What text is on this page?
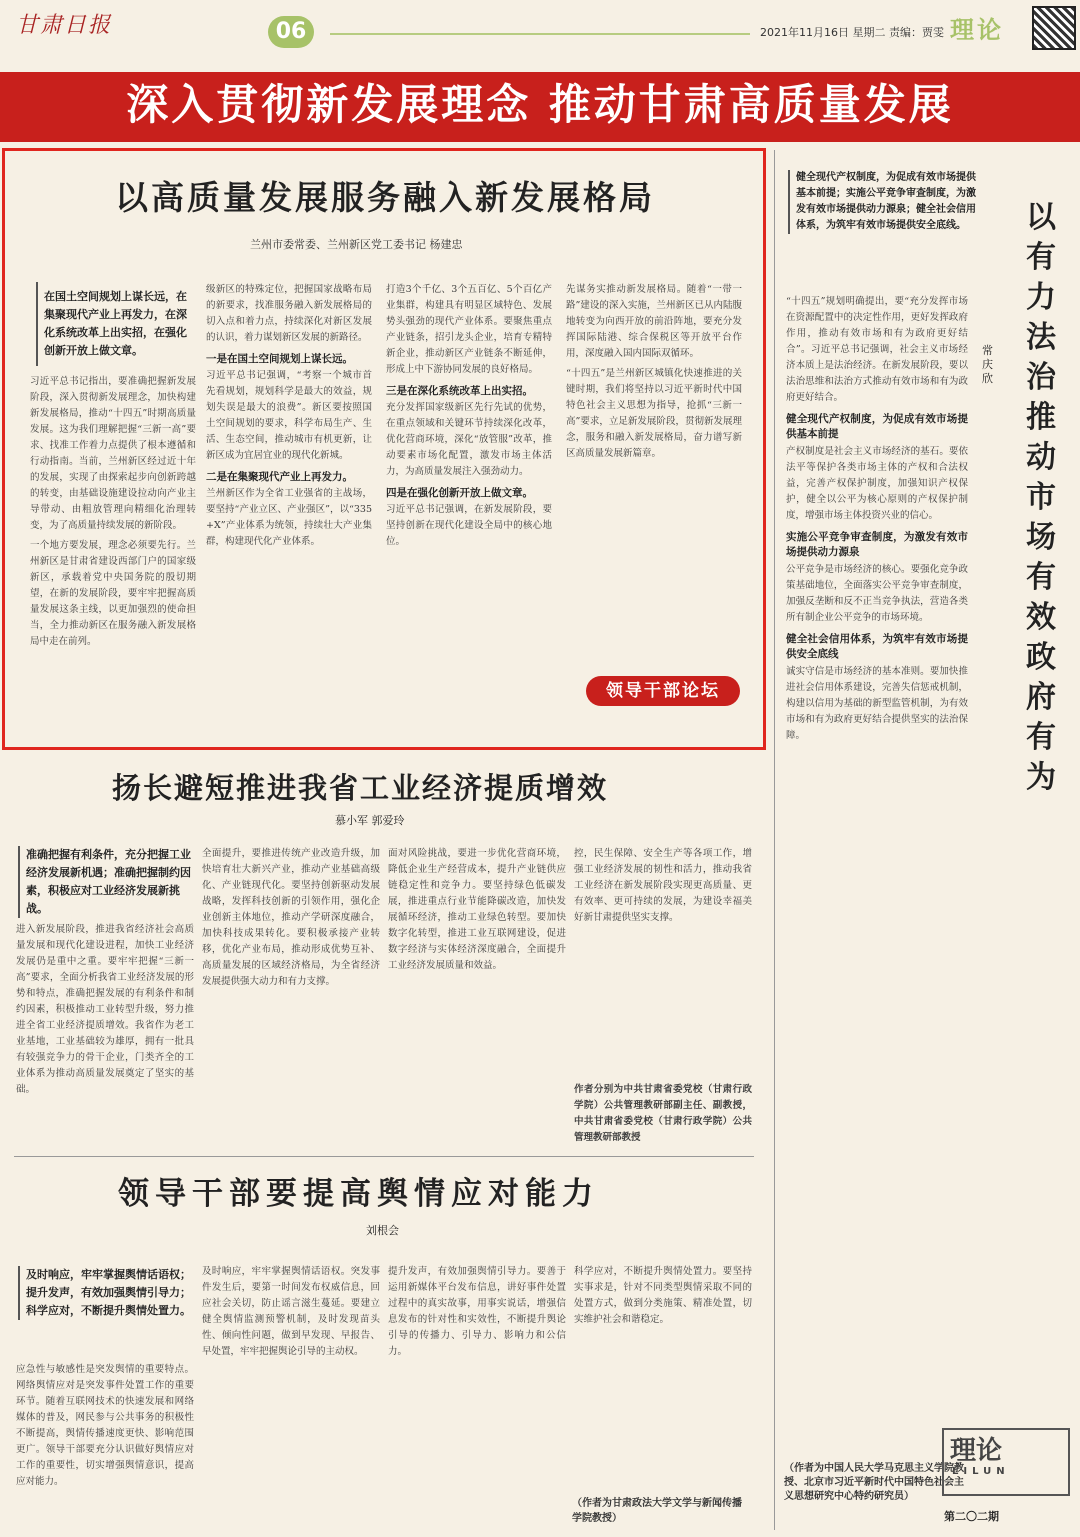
甘肃日报	06	2021年11月16日 星期二 责编：贾雯 理论
深入贯彻新发展理念 推动甘肃高质量发展
以高质量发展服务融入新发展格局
兰州市委常委、兰州新区党工委书记 杨建忠
在国土空间规划上谋长远，在集聚现代产业上再发力，在深化系统改革上出实招，在强化创新开放上做文章。

习近平总书记指出，要准确把握新发展阶段，深入贯彻新发展理念，加快构建新发展格局，推动“十四五”时期高质量发展。这为我们理解把握“三新一高”要求、找准工作着力点提供了根本遵循和行动指南。当前，兰州新区经过近十年的发展，实现了由探索起步向创新跨越的转变，由基础设施建设拉动向产业主导带动、由粗放管理向精细化治理转变，为了高质量持续发展的新阶段。

一个地方要发展，理念必须要先行。兰州新区是甘肃省建设西部门户的国家级新区，承载着党中央国务院的殷切期望，在新的发展阶段，要牢牢把握高质量发展这条主线，以更加强烈的使命担当，全力推动新区在服务融入新发展格局中走在前列。

级新区的特殊定位，把握国家战略布局的新要求，找准服务融入新发展格局的切入点和着力点，持续深化对新区发展的认识，着力谋划新区发展的新路径。

一是在国土空间规划上谋长远。
习近平总书记强调，“考察一个城市首先看规划，规划科学是最大的效益，规划失误是最大的浪费”。新区要按照国土空间规划的要求，科学布局生产、生活、生态空间，推动城市有机更新，让新区成为宜居宜业的现代化新城。
二是在集聚现代产业上再发力。
兰州新区作为全省工业强省的主战场，要坚持“产业立区、产业强区”，以“335+X”产业体系为统领，持续壮大产业集群，构建现代化产业体系。

打造3个千亿、3个五百亿、5个百亿产业集群，构建具有明显区域特色、发展势头强劲的现代产业体系。要聚焦重点产业链条，招引龙头企业，培育专精特新企业，推动新区产业链条不断延伸，形成上中下游协同发展的良好格局。

三是在深化系统改革上出实招。
充分发挥国家级新区先行先试的优势，在重点领域和关键环节持续深化改革，优化营商环境，深化“放管服”改革，推动要素市场化配置，激发市场主体活力，为高质量发展注入强劲动力。
四是在强化创新开放上做文章。
习近平总书记强调，在新发展阶段，要坚持创新在现代化建设全局中的核心地位。

先谋务实推动新发展格局。随着“一带一路”建设的深入实施，兰州新区已从内陆腹地转变为向西开放的前沿阵地，要充分发挥国际陆港、综合保税区等开放平台作用，深度融入国内国际双循环。

“十四五”是兰州新区城镇化快速推进的关键时期，我们将坚持以习近平新时代中国特色社会主义思想为指导，抢抓“三新一高”要求，立足新发展阶段，贯彻新发展理念，服务和融入新发展格局，奋力谱写新区高质量发展新篇章。

领导干部论坛
扬长避短推进我省工业经济提质增效
慕小军 郭爱玲
准确把握有利条件，充分把握工业经济发展新机遇；准确把握制约因素，积极应对工业经济发展新挑战。
进入新发展阶段，推进我省经济社会高质量发展和现代化建设进程，加快工业经济发展仍是重中之重。要牢牢把握“三新一高”要求，全面分析我省工业经济发展的形势和特点，准确把握发展的有利条件和制约因素，积极推动工业转型升级，努力推进全省工业经济提质增效。我省作为老工业基地，工业基础较为雄厚，拥有一批具有较强竞争力的骨干企业，门类齐全的工业体系为推动高质量发展奠定了坚实的基础。
全面提升，要推进传统产业改造升级，加快培育壮大新兴产业，推动产业基础高级化、产业链现代化。要坚持创新驱动发展战略，发挥科技创新的引领作用，强化企业创新主体地位，推动产学研深度融合，加快科技成果转化。要积极承接产业转移，优化产业布局，推动形成优势互补、高质量发展的区域经济格局，为全省经济发展提供强大动力和有力支撑。
面对风险挑战，要进一步优化营商环境，降低企业生产经营成本，提升产业链供应链稳定性和竞争力。要坚持绿色低碳发展，推进重点行业节能降碳改造，加快发展循环经济，推动工业绿色转型。要加快数字化转型，推进工业互联网建设，促进数字经济与实体经济深度融合，全面提升工业经济发展质量和效益。
控，民生保障、安全生产等各项工作，增强工业经济发展的韧性和活力，推动我省工业经济在新发展阶段实现更高质量、更有效率、更可持续的发展，为建设幸福美好新甘肃提供坚实支撑。
作者分别为中共甘肃省委党校（甘肃行政学院）公共管理教研部副主任、副教授，中共甘肃省委党校（甘肃行政学院）公共管理教研部教授
领导干部要提高舆情应对能力
刘根会
及时响应，牢牢掌握舆情话语权；提升发声，有效加强舆情引导力；科学应对，不断提升舆情处置力。
应急性与敏感性是突发舆情的重要特点。网络舆情应对是突发事件处置工作的重要环节。随着互联网技术的快速发展和网络媒体的普及，网民参与公共事务的积极性不断提高，舆情传播速度更快、影响范围更广。领导干部要充分认识做好舆情应对工作的重要性，切实增强舆情意识，提高应对能力。
及时响应，牢牢掌握舆情话语权。突发事件发生后，要第一时间发布权威信息，回应社会关切，防止谣言滋生蔓延。要建立健全舆情监测预警机制，及时发现苗头性、倾向性问题，做到早发现、早报告、早处置，牢牢把握舆论引导的主动权。
提升发声，有效加强舆情引导力。要善于运用新媒体平台发布信息，讲好事件处置过程中的真实故事，用事实说话，增强信息发布的针对性和实效性，不断提升舆论引导的传播力、引导力、影响力和公信力。
科学应对，不断提升舆情处置力。要坚持实事求是，针对不同类型舆情采取不同的处置方式，做到分类施策、精准处置，切实维护社会和谐稳定。
（作者为甘肃政法大学文学与新闻传播学院教授）
健全现代产权制度，为促成有效市场提供基本前提；实施公平竞争审查制度，为激发有效市场提供动力源泉；健全社会信用体系，为筑牢有效市场提供安全底线。	以有力法治推动市场有效政府有为
常庆欣
“十四五”规划明确提出，要“充分发挥市场在资源配置中的决定性作用，更好发挥政府作用，推动有效市场和有为政府更好结合”。习近平总书记强调，社会主义市场经济本质上是法治经济。在新发展阶段，要以法治思维和法治方式推动有效市场和有为政府更好结合。
健全现代产权制度，为促成有效市场提供基本前提
产权制度是社会主义市场经济的基石。要依法平等保护各类市场主体的产权和合法权益，完善产权保护制度，加强知识产权保护，健全以公平为核心原则的产权保护制度，增强市场主体投资兴业的信心。
实施公平竞争审查制度，为激发有效市场提供动力源泉
公平竞争是市场经济的核心。要强化竞争政策基础地位，全面落实公平竞争审查制度，加强反垄断和反不正当竞争执法，营造各类所有制企业公平竞争的市场环境。
健全社会信用体系，为筑牢有效市场提供安全底线
诚实守信是市场经济的基本准则。要加快推进社会信用体系建设，完善失信惩戒机制，构建以信用为基础的新型监管机制，为有效市场和有为政府更好结合提供坚实的法治保障。
（作者为中国人民大学马克思主义学院教授、北京市习近平新时代中国特色社会主义思想研究中心特约研究员）
理论
LILUN
第二〇二期
